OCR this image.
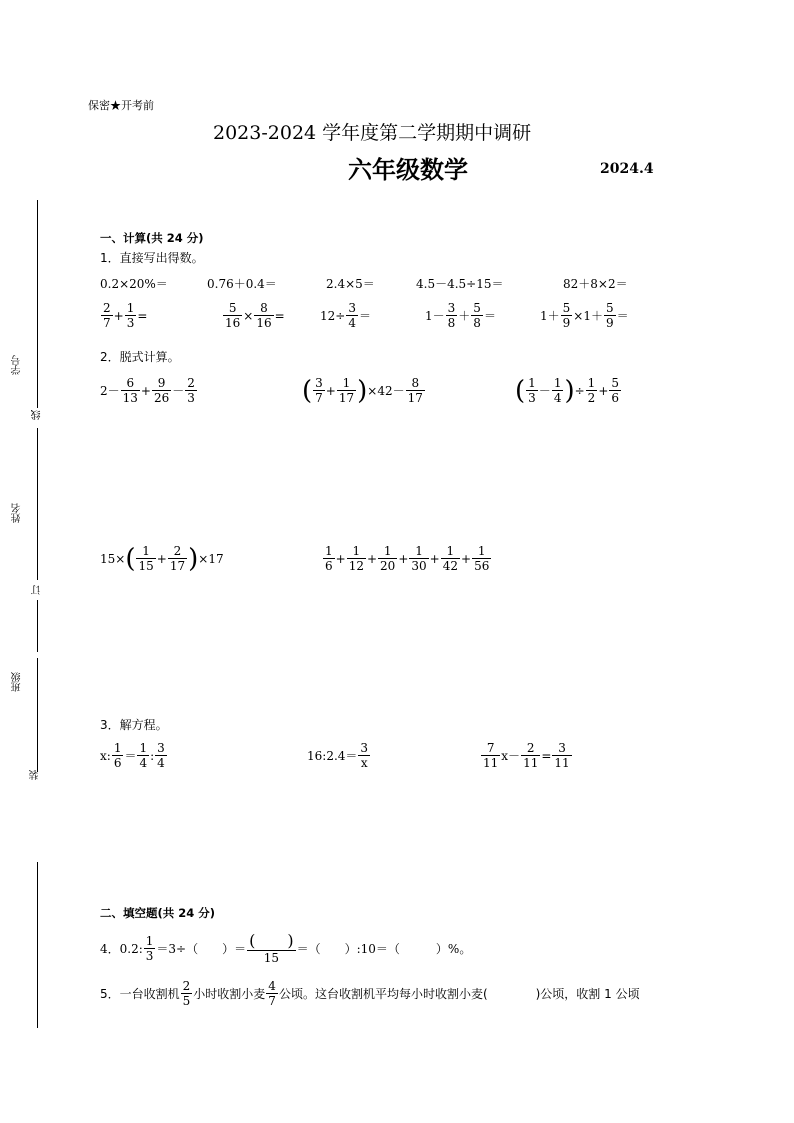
保密★开考前
2023-2024 学年度第二学期期中调研
六年级数学	2024.4
学号
线
姓名
订
班级
装
一、计算(共 24 分)
1．直接写出得数。
0.2×20%＝	0.76＋0.4＝	2.4×5＝	4.5－4.5÷15＝	82＋8×2＝
$\frac{2}{7} + \frac{1}{3}$ =	$\frac{5}{16} \times \frac{8}{16}$ =	$12\div \frac{3}{4}$ ＝	$1- \frac{3}{8} + \frac{5}{8}$ ＝	$1+ \frac{5}{9} \times 1+ \frac{5}{9}$ ＝
2．脱式计算。
$2- \frac{6}{13} + \frac{9}{26} - \frac{2}{3}$	( $\frac{3}{7} + \frac{1}{17}$ ) $\times 42- \frac{8}{17}$	( $\frac{1}{3} - \frac{1}{4}$ ) ÷ $\frac{1}{2} + \frac{5}{6}$
15× ( $\frac{1}{15} + \frac{2}{17}$ ) ×17	$\frac{1}{6} + \frac{1}{12} + \frac{1}{20} + \frac{1}{30} + \frac{1}{42} + \frac{1}{56}$
3．解方程。
x: $\frac{1}{6} = \frac{1}{4}$ : $\frac{3}{4}$	16:2.4＝ $\frac{3}{x}$	$\frac{7}{11} x- \frac{2}{11} = \frac{3}{11}$
二、填空题(共 24 分)
4．0.2: $\frac{1}{3} =3\div$（　　）＝ $\frac{( )}{15}$ ＝（　　）:10＝（　　　）%。
5．一台收割机 $\frac{2}{5}$ 小时收割小麦 $\frac{4}{7}$ 公顷。这台收割机平均每小时收割小麦(　　　　)公顷，收割 1 公顷
